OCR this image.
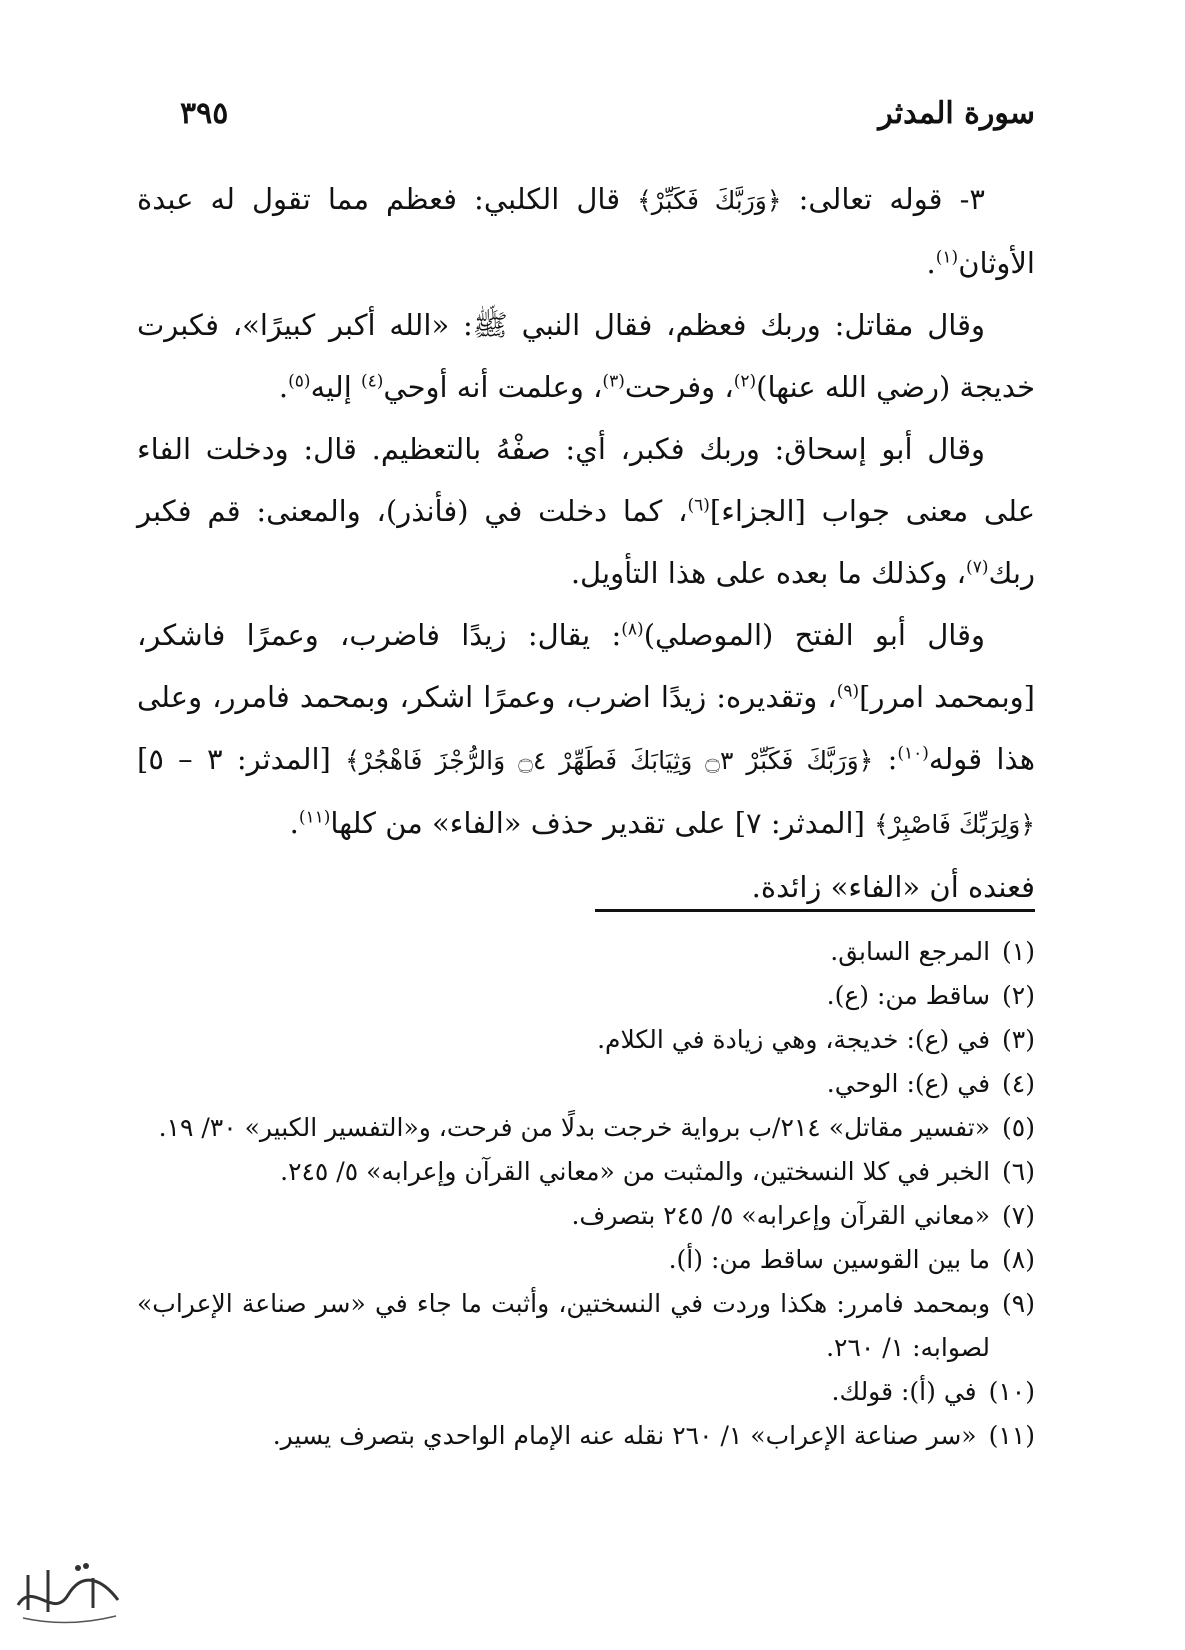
سورة المدثر
٣٩٥

٣- قوله تعالى: ﴿وَرَبَّكَ فَكَبِّرْ﴾ قال الكلبي: فعظم مما تقول له عبدة الأوثان$^{(١)}$.

وقال مقاتل: وربك فعظم، فقال النبي ﷺ: «الله أكبر كبيرًا»، فكبرت خديجة (رضي الله عنها)$^{(٢)}$، وفرحت$^{(٣)}$، وعلمت أنه أوحي$^{(٤)}$ إليه$^{(٥)}$.

وقال أبو إسحاق: وربك فكبر، أي: صفْهُ بالتعظيم. قال: ودخلت الفاء على معنى جواب [الجزاء]$^{(٦)}$، كما دخلت في (فأنذر)، والمعنى: قم فكبر ربك$^{(٧)}$، وكذلك ما بعده على هذا التأويل.

وقال أبو الفتح (الموصلي)$^{(٨)}$: يقال: زيدًا فاضرب، وعمرًا فاشكر، [وبمحمد امرر]$^{(٩)}$، وتقديره: زيدًا اضرب، وعمرًا اشكر، وبمحمد فامرر، وعلى هذا قوله$^{(١٠)}$: ﴿وَرَبَّكَ فَكَبِّرْ ۝٣ وَثِيَابَكَ فَطَهِّرْ ۝٤ وَالرُّجْزَ فَاهْجُرْ﴾ [المدثر: ٣ – ٥] ﴿وَلِرَبِّكَ فَاصْبِرْ﴾ [المدثر: ٧] على تقدير حذف «الفاء» من كلها$^{(١١)}$.

فعنده أن «الفاء» زائدة.

(١)
المرجع السابق.
(٢)
ساقط من: (ع).
(٣)
في (ع): خديجة، وهي زيادة في الكلام.
(٤)
في (ع): الوحي.
(٥)
«تفسير مقاتل» ٢١٤/ب برواية خرجت بدلًا من فرحت، و«التفسير الكبير» ٣٠/ ١٩.
(٦)
الخبر في كلا النسختين، والمثبت من «معاني القرآن وإعرابه» ٥/ ٢٤٥.
(٧)
«معاني القرآن وإعرابه» ٥/ ٢٤٥ بتصرف.
(٨)
ما بين القوسين ساقط من: (أ).
(٩)
وبمحمد فامرر: هكذا وردت في النسختين، وأثبت ما جاء في «سر صناعة الإعراب» لصوابه: ١/ ٢٦٠.
(١٠)
في (أ): قولك.
(١١)
«سر صناعة الإعراب» ١/ ٢٦٠ نقله عنه الإمام الواحدي بتصرف يسير.
